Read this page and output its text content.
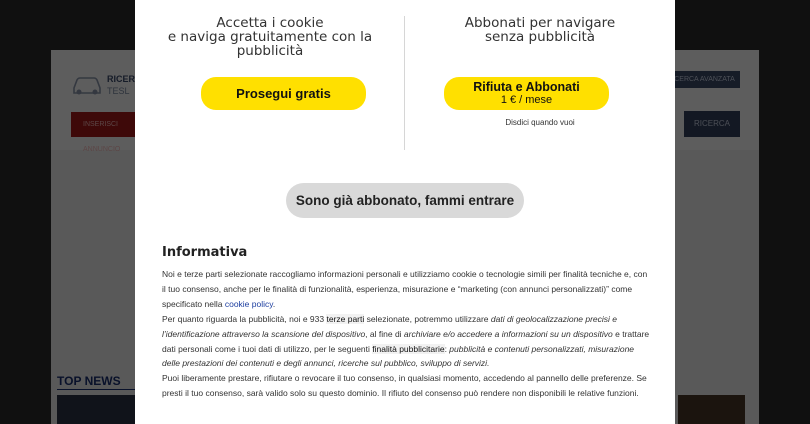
Accetta i cookie
e naviga gratuitamente con la pubblicità
Abbonati per navigare
senza pubblicità
Prosegui gratis	Rifiuta e Abbonati
1 € / mese
Disdici quando vuoi
Sono già abbonato, fammi entrare
Informativa

Noi e terze parti selezionate raccogliamo informazioni personali e utilizziamo cookie o tecnologie simili per finalità tecniche e, con il tuo consenso, anche per le finalità di funzionalità, esperienza, misurazione e “marketing (con annunci personalizzati)” come specificato nella cookie policy.

Per quanto riguarda la pubblicità, noi e 933 terze parti selezionate, potremmo utilizzare dati di geolocalizzazione precisi e l’identificazione attraverso la scansione del dispositivo, al fine di archiviare e/o accedere a informazioni su un dispositivo e trattare dati personali come i tuoi dati di utilizzo, per le seguenti finalità pubblicitarie: pubblicità e contenuti personalizzati, misurazione delle prestazioni dei contenuti e degli annunci, ricerche sul pubblico, sviluppo di servizi.

Puoi liberamente prestare, rifiutare o revocare il tuo consenso, in qualsiasi momento, accedendo al pannello delle preferenze. Se presti il tuo consenso, sarà valido solo su questo dominio. Il rifiuto del consenso può rendere non disponibili le relative funzioni.
